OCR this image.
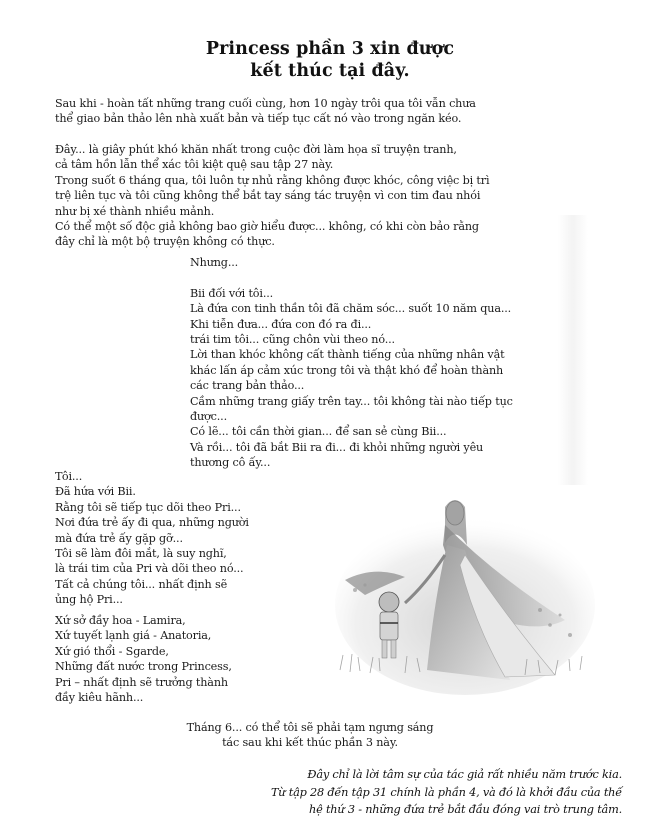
Princess phần 3 xin được
kết thúc tại đây.
Sau khi - hoàn tất những trang cuối cùng, hơn 10 ngày trôi qua tôi vẫn chưa
thể giao bản thảo lên nhà xuất bản và tiếp tục cất nó vào trong ngăn kéo.
Đây... là giây phút khó khăn nhất trong cuộc đời làm họa sĩ truyện tranh,
cả tâm hồn lẫn thể xác tôi kiệt quệ sau tập 27 này.
Trong suốt 6 tháng qua, tôi luôn tự nhủ rằng không được khóc, công việc bị trì
trệ liên tục và tôi cũng không thể bắt tay sáng tác truyện vì con tim đau nhói
như bị xé thành nhiều mảnh.
Có thể một số độc giả không bao giờ hiểu được... không, có khi còn bảo rằng
đây chỉ là một bộ truyện không có thực.
Nhưng...
Bii đối với tôi...
Là đứa con tinh thần tôi đã chăm sóc... suốt 10 năm qua...
Khi tiễn đưa... đứa con đó ra đi...
trái tim tôi... cũng chôn vùi theo nó...
Lời than khóc không cất thành tiếng của những nhân vật
khác lấn áp cảm xúc trong tôi và thật khó để hoàn thành
các trang bản thảo...
Cầm những trang giấy trên tay... tôi không tài nào tiếp tục
được...
Có lẽ... tôi cần thời gian... để san sẻ cùng Bii...
Và rồi... tôi đã bắt Bii ra đi... đi khỏi những người yêu
thương cô ấy...
Tôi...
Đã hứa với Bii.
Rằng tôi sẽ tiếp tục dõi theo Pri...
Nơi đứa trẻ ấy đi qua, những người
mà đứa trẻ ấy gặp gỡ...
Tôi sẽ làm đôi mắt, là suy nghĩ,
là trái tim của Pri và dõi theo nó...
Tất cả chúng tôi... nhất định sẽ
ủng hộ Pri...
Xứ sở đầy hoa - Lamira,
Xứ tuyết lạnh giá - Anatoria,
Xứ gió thổi - Sgarde,
Những đất nước trong Princess,
Pri – nhất định sẽ trưởng thành
đầy kiêu hãnh...
Tháng 6... có thể tôi sẽ phải tạm ngưng sáng
tác sau khi kết thúc phần 3 này.
Đây chỉ là lời tâm sự của tác giả rất nhiều năm trước kia.
Từ tập 28 đến tập 31 chính là phần 4, và đó là khởi đầu của thế
hệ thứ 3 - những đứa trẻ bắt đầu đóng vai trò trung tâm.
